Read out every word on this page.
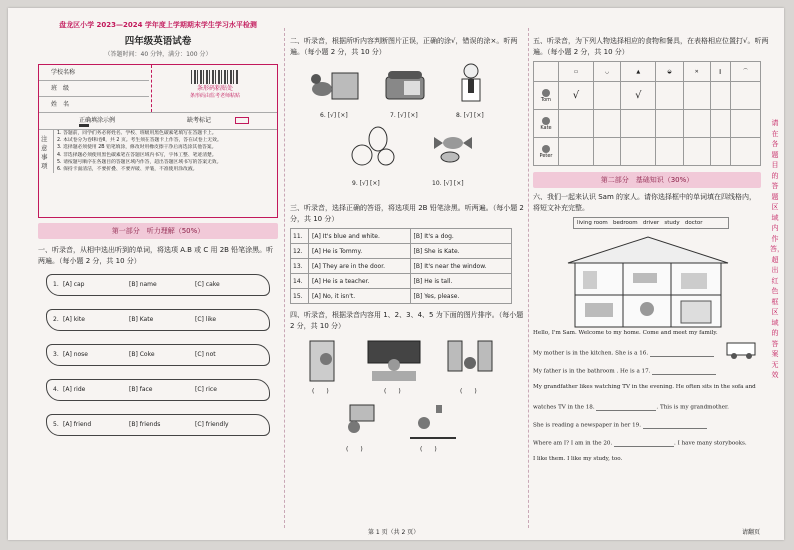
盘龙区小学 2023—2024 学年度上学期期末学生学习水平检测
四年级英语试卷
（答题时间：40 分钟，满分：100 分）
学校名称
班　级
姓　名
条形码粘贴处
条形码由监考老师粘贴
正确填涂示例	缺考标记
注意事项
1. 答题前，同学们务必将姓名、学校、班级用黑色碳素笔填写在答题卡上。
2. 本试卷分为卷Ⅰ和卷Ⅱ，共 2 页。考生须在答题卡上作答，答在试卷上无效。
3. 选择题必须使用 2B 铅笔填涂，修改时用橡皮擦干净后再选涂其他答案。
4. 非选择题必须使用黑色碳素笔在答题区域内书写，字体工整、笔迹清楚。
5. 请按题号顺序在各题目的答题区域内作答，超出答题区域书写的答案无效。
6. 保持卡面清洁，不要折叠、不要弄破、弄皱，不准使用涂改液。
第一部分　听力理解（50%）
一、听录音，从相中选出听到的单词，将选项 A.B 或 C 用 2B 铅笔涂黑。听两遍。（每小题 2 分，共 10 分）
1. [A] cap	[B] name	[C] cake
2. [A] kite	[B] Kate	[C] like
3. [A] nose	[B] Coke	[C] not
4. [A] ride	[B] face	[C] rice
5. [A] friend	[B] friends	[C] friendly
二、听录音，根据所听内容判断图片正误，正确的涂√，错误的涂×。听两遍。（每小题 2 分，共 10 分）
6. [√] [×]	7. [√] [×]	8. [√] [×]
9. [√] [×]	10. [√] [×]
三、听录音，选择正确的答语，将选项用 2B 铅笔涂黑。听两遍。（每小题 2 分，共 10 分）
11.	[A] It's blue and white.	[B] It's a dog.
12.	[A] He is Tommy.	[B] She is Kate.
13.	[A] They are in the door.	[B] It's near the window.
14.	[A] He is a teacher.	[B] He is tall.
15.	[A] No, it isn't.	[B] Yes, please.
四、听录音，根据录音内容用 1、2、3、4、5 为下面的图片排序。（每小题 2 分，共 10 分）
(　　)	(　　)	(　　)
(　　)	(　　)
五、听录音，为下列人物选择相应的食物和餐具，在表格相应位置打√。听两遍。（每小题 2 分，共 10 分）
	▭	◡	▲	◒	✕	∥	⌒

Tom	√		√				

Kate							

Peter							
第二部分　基础知识（30%）
六、我们一起来认识 Sam 的家人。请你选择框中的单词填在四线格内，将短文补充完整。
living room bedroom driver study doctor
Hello, I'm Sam. Welcome to my home. Come and meet my family.
My mother is in the kitchen. She is a 16.
My father is in the bathroom . He is a 17.
My grandfather likes watching TV in the evening. He often sits in the sofa and
watches TV in the 18.	. This is my grandmother.
She is reading a newspaper in her 19.
Where am I? I am in the 20.	. I have many storybooks.
I like them. I like my study, too.
请在各题目的答题区域内作答，超出红色框区域的答案无效
第 1 页（共 2 页）	请翻页
